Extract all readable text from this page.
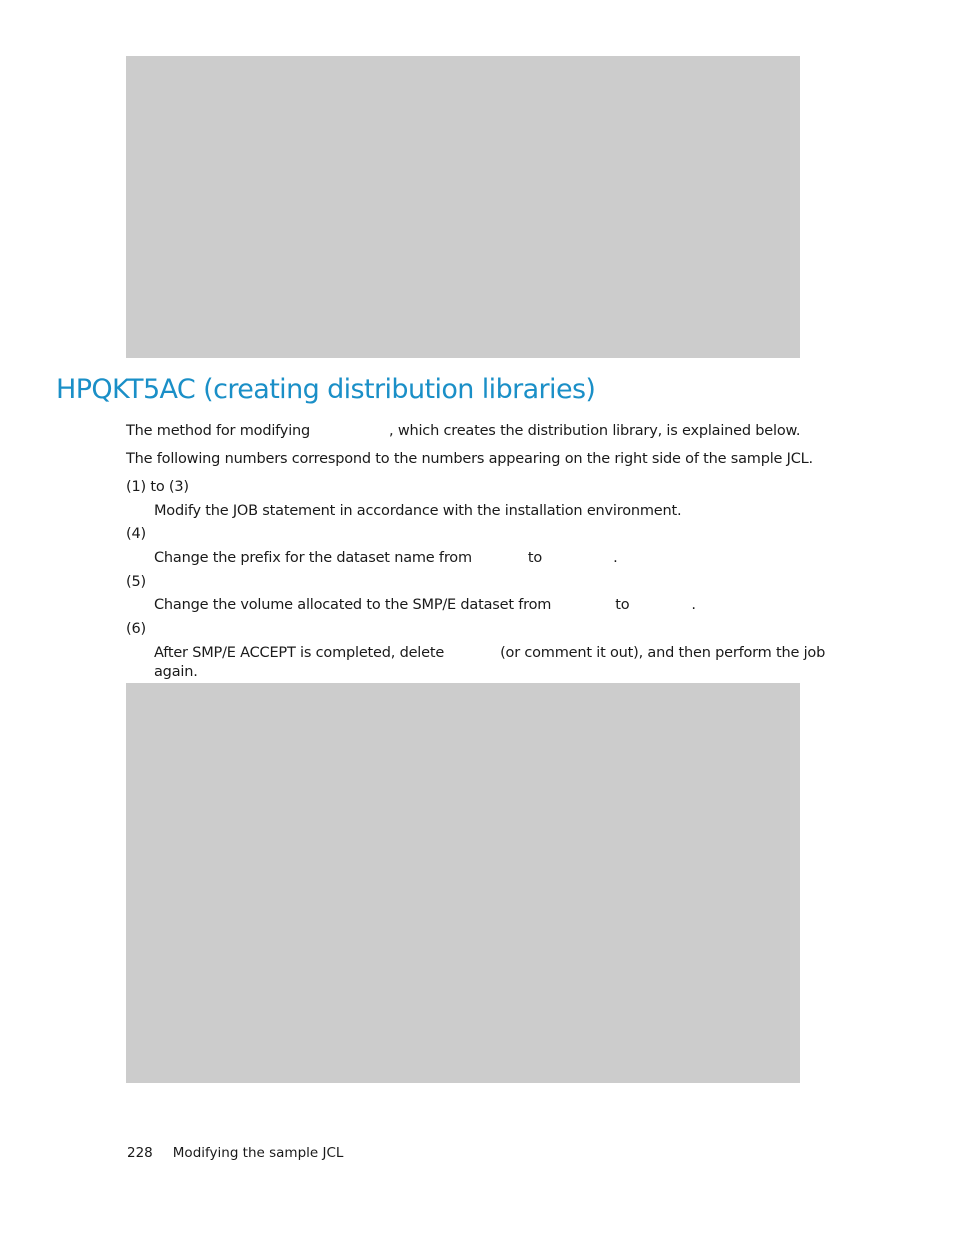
HPQKT5AC (creating distribution libraries)
The method for modifying	, which creates the distribution library, is explained below.
The following numbers correspond to the numbers appearing on the right side of the sample JCL.
(1) to (3)
Modify the JOB statement in accordance with the installation environment.
(4)
Change the prefix for the dataset name from	to	.
(5)
Change the volume allocated to the SMP/E dataset from	to	.
(6)
After SMP/E ACCEPT is completed, delete	(or comment it out), and then perform the job
again.
228 Modifying the sample JCL
